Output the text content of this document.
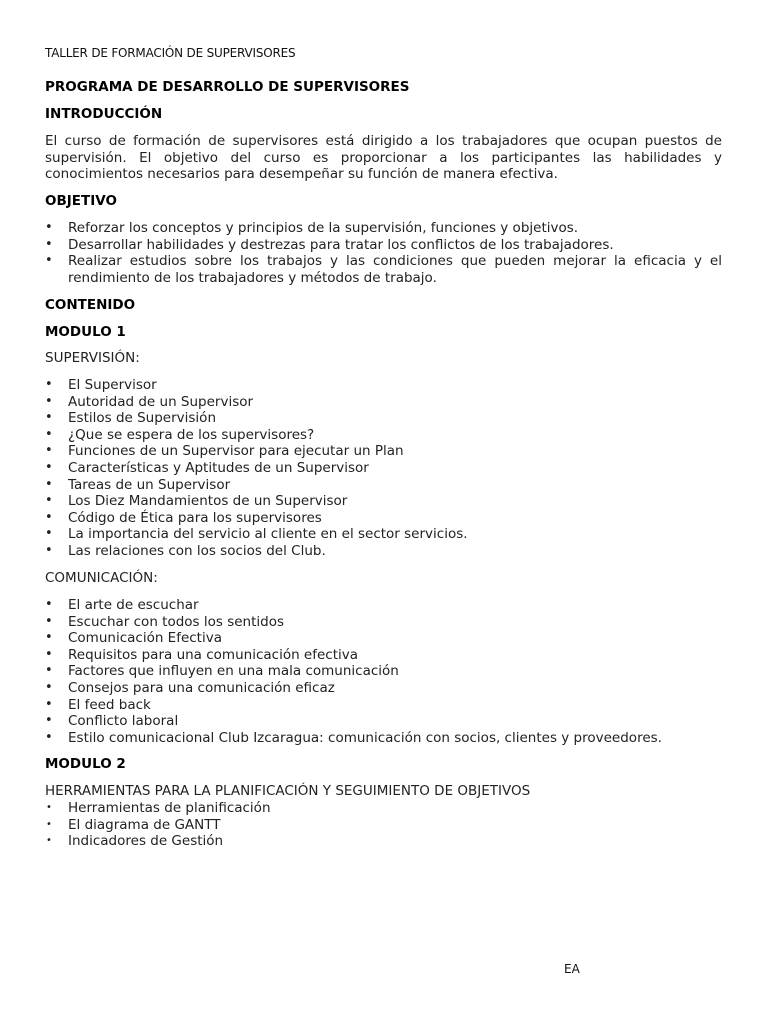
TALLER DE FORMACIÓN DE SUPERVISORES
PROGRAMA DE DESARROLLO DE SUPERVISORES
INTRODUCCIÓN
El curso de formación de supervisores está dirigido a los trabajadores que ocupan puestos de supervisión. El objetivo del curso es proporcionar a los participantes las habilidades y conocimientos necesarios para desempeñar su función de manera efectiva.
OBJETIVO
• Reforzar los conceptos y principios de la supervisión, funciones y objetivos.
• Desarrollar habilidades y destrezas para tratar los conflictos de los trabajadores.
• Realizar estudios sobre los trabajos y las condiciones que pueden mejorar la eficacia y el rendimiento de los trabajadores y métodos de trabajo.
CONTENIDO
MODULO 1
SUPERVISIÓN:
• El Supervisor
• Autoridad de un Supervisor
• Estilos de Supervisión
• ¿Que se espera de los supervisores?
• Funciones de un Supervisor para ejecutar un Plan
• Características y Aptitudes de un Supervisor
• Tareas de un Supervisor
• Los Diez Mandamientos de un Supervisor
• Código de Ética para los supervisores
• La importancia del servicio al cliente en el sector servicios.
• Las relaciones con los socios del Club.
COMUNICACIÓN:
• El arte de escuchar
• Escuchar con todos los sentidos
• Comunicación Efectiva
• Requisitos para una comunicación efectiva
• Factores que influyen en una mala comunicación
• Consejos para una comunicación eficaz
• El feed back
• Conflicto laboral
• Estilo comunicacional Club Izcaragua: comunicación con socios, clientes y proveedores.
MODULO 2
HERRAMIENTAS PARA LA PLANIFICACIÓN Y SEGUIMIENTO DE OBJETIVOS
• Herramientas de planificación
• El diagrama de GANTT
• Indicadores de Gestión
EA
